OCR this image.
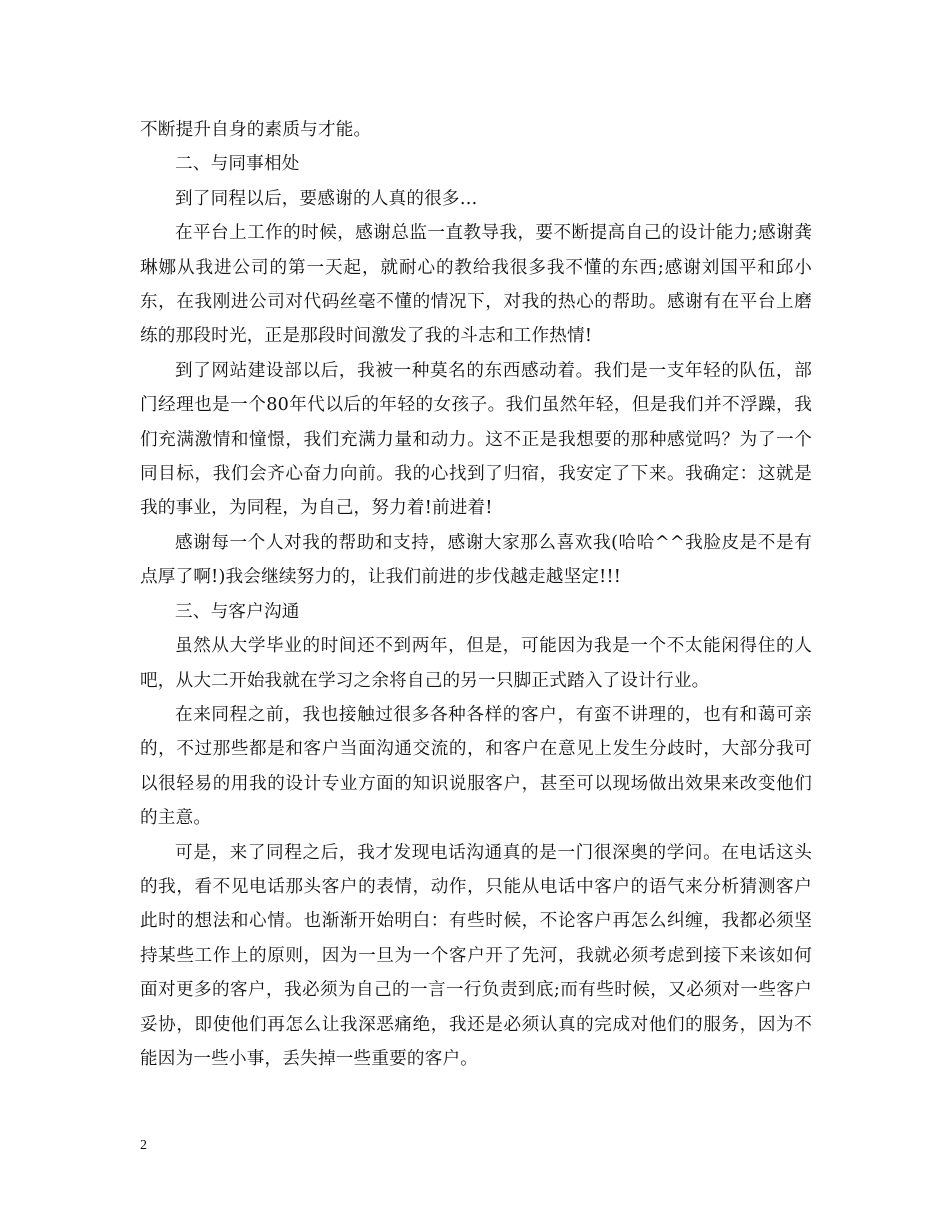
不断提升自身的素质与才能。

二、与同事相处

到了同程以后，要感谢的人真的很多…

在平台上工作的时候，感谢总监一直教导我，要不断提高自己的设计能力;感谢龚琳娜从我进公司的第一天起，就耐心的教给我很多我不懂的东西;感谢刘国平和邱小东，在我刚进公司对代码丝毫不懂的情况下，对我的热心的帮助。感谢有在平台上磨练的那段时光，正是那段时间激发了我的斗志和工作热情!

到了网站建设部以后，我被一种莫名的东西感动着。我们是一支年轻的队伍，部门经理也是一个80年代以后的年轻的女孩子。我们虽然年轻，但是我们并不浮躁，我们充满激情和憧憬，我们充满力量和动力。这不正是我想要的那种感觉吗？为了一个同目标，我们会齐心奋力向前。我的心找到了归宿，我安定了下来。我确定：这就是我的事业，为同程，为自己，努力着!前进着!

感谢每一个人对我的帮助和支持，感谢大家那么喜欢我(哈哈^^我脸皮是不是有点厚了啊!)我会继续努力的，让我们前进的步伐越走越坚定!!!

三、与客户沟通

虽然从大学毕业的时间还不到两年，但是，可能因为我是一个不太能闲得住的人吧，从大二开始我就在学习之余将自己的另一只脚正式踏入了设计行业。

在来同程之前，我也接触过很多各种各样的客户，有蛮不讲理的，也有和蔼可亲的，不过那些都是和客户当面沟通交流的，和客户在意见上发生分歧时，大部分我可以很轻易的用我的设计专业方面的知识说服客户，甚至可以现场做出效果来改变他们的主意。

可是，来了同程之后，我才发现电话沟通真的是一门很深奥的学问。在电话这头的我，看不见电话那头客户的表情，动作，只能从电话中客户的语气来分析猜测客户此时的想法和心情。也渐渐开始明白：有些时候，不论客户再怎么纠缠，我都必须坚持某些工作上的原则，因为一旦为一个客户开了先河，我就必须考虑到接下来该如何面对更多的客户，我必须为自己的一言一行负责到底;而有些时候，又必须对一些客户妥协，即使他们再怎么让我深恶痛绝，我还是必须认真的完成对他们的服务，因为不能因为一些小事，丢失掉一些重要的客户。

2
